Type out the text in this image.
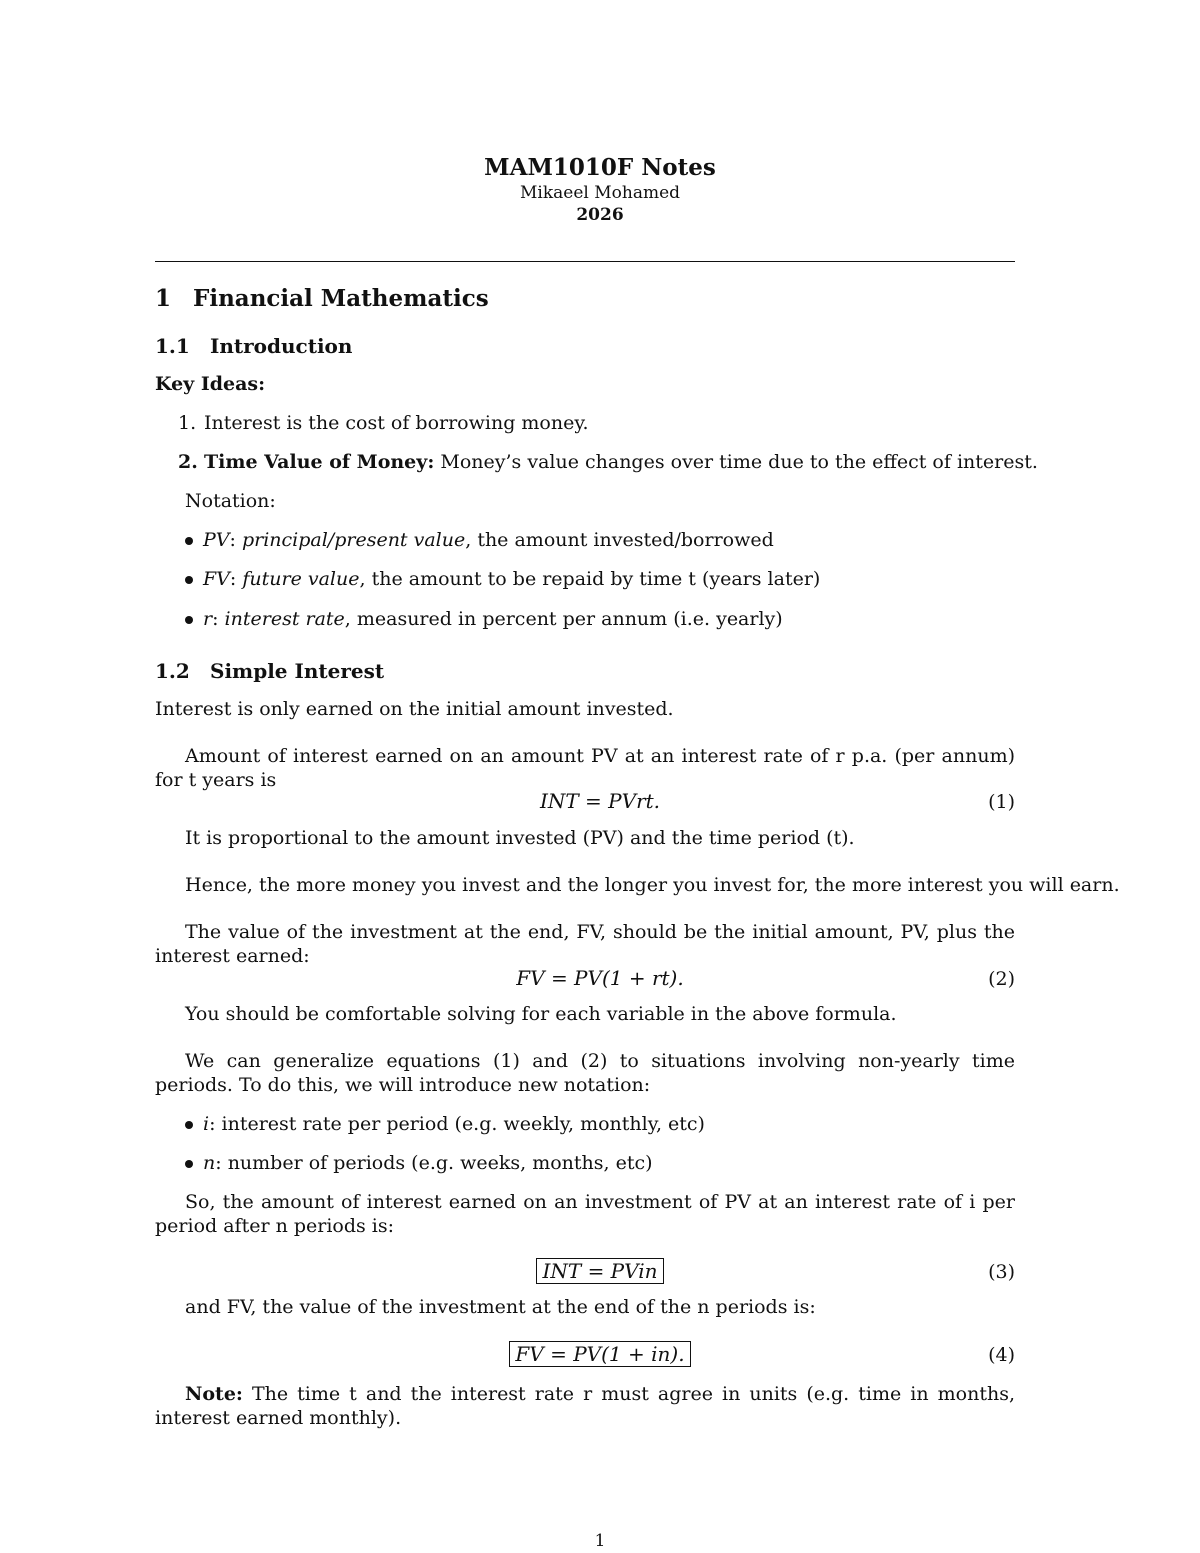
MAM1010F Notes
Mikaeel Mohamed
2026
1 Financial Mathematics
1.1 Introduction
Key Ideas:
1. Interest is the cost of borrowing money.
2. Time Value of Money: Money’s value changes over time due to the effect of interest.
Notation:
PV: principal/present value, the amount invested/borrowed
FV: future value, the amount to be repaid by time t (years later)
r: interest rate, measured in percent per annum (i.e. yearly)
1.2 Simple Interest
Interest is only earned on the initial amount invested.
Amount of interest earned on an amount PV at an interest rate of r p.a. (per annum) for t years is
INT = PVrt.	(1)
It is proportional to the amount invested (PV) and the time period (t).
Hence, the more money you invest and the longer you invest for, the more interest you will earn.
The value of the investment at the end, FV, should be the initial amount, PV, plus the interest earned:
FV = PV(1 + rt).	(2)
You should be comfortable solving for each variable in the above formula.
We can generalize equations (1) and (2) to situations involving non-yearly time periods. To do this, we will introduce new notation:
i: interest rate per period (e.g. weekly, monthly, etc)
n: number of periods (e.g. weeks, months, etc)
So, the amount of interest earned on an investment of PV at an interest rate of i per period after n periods is:
INT = PVin	(3)
and FV, the value of the investment at the end of the n periods is:
FV = PV(1 + in).	(4)
Note: The time t and the interest rate r must agree in units (e.g. time in months, interest earned monthly).
1
